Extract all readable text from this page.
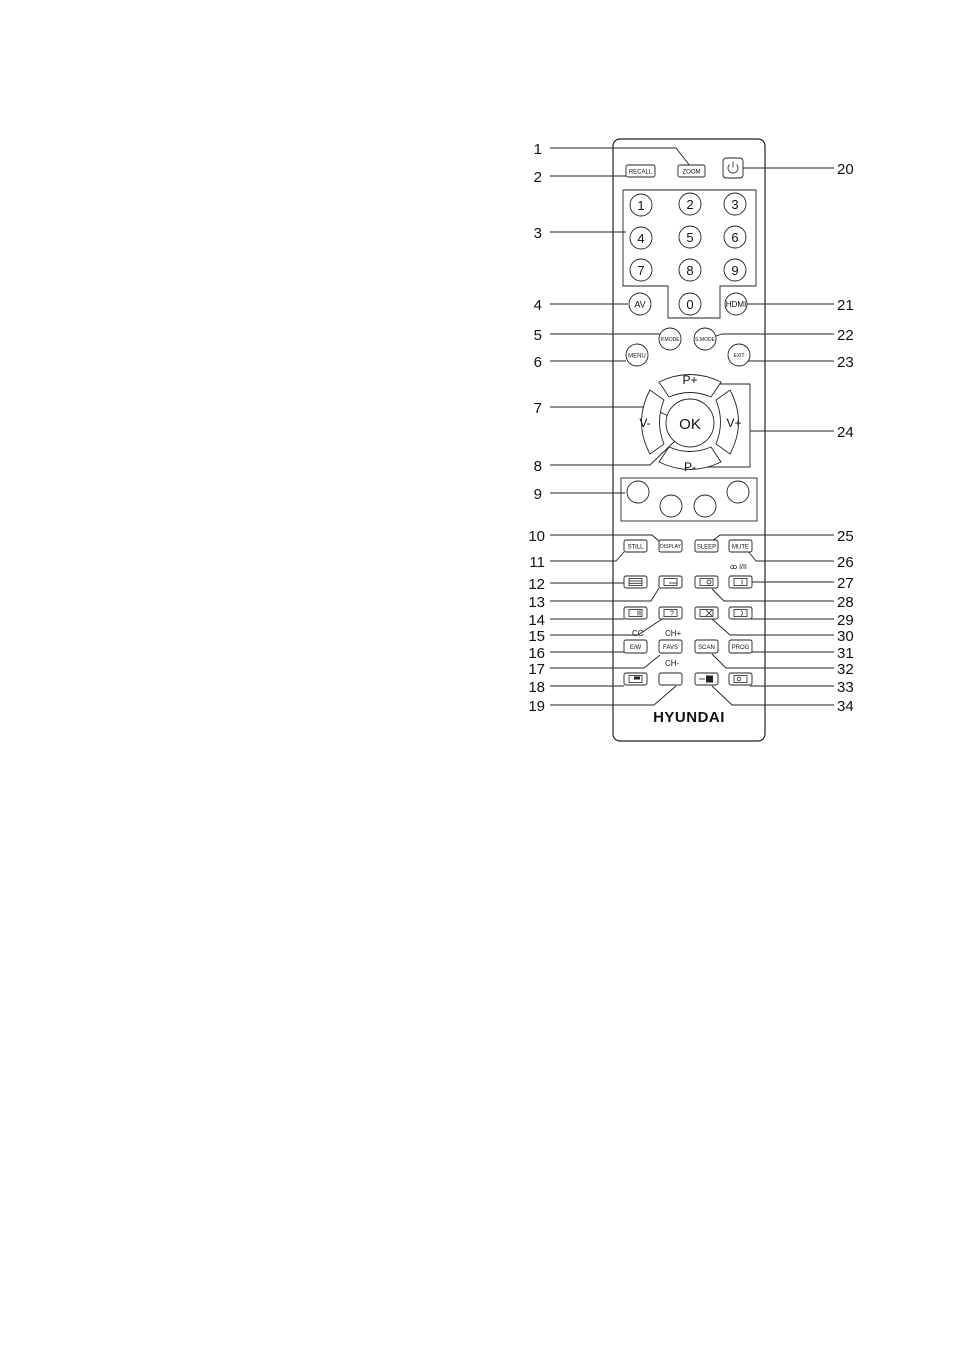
1
2
3
4
5
6
7
8
9
10
11
12
13
14
15
16
17
18
19
20
21
22
23
24
25
26
27
28
29
30
31
32
33
34
ZOOM
RECALL
1	2	3
4	5	6
7	8	9
0
AV	HDMI
P.MODE	S.MODE
MENU	EXIT
P+
P-
V-	V+
OK
STILL	DISPLAY	SLEEP	MUTE
ꝏ I/II
?
CC	CH+
E/W	FAVS	SCAN	PROG
CH-
HYUNDAI
